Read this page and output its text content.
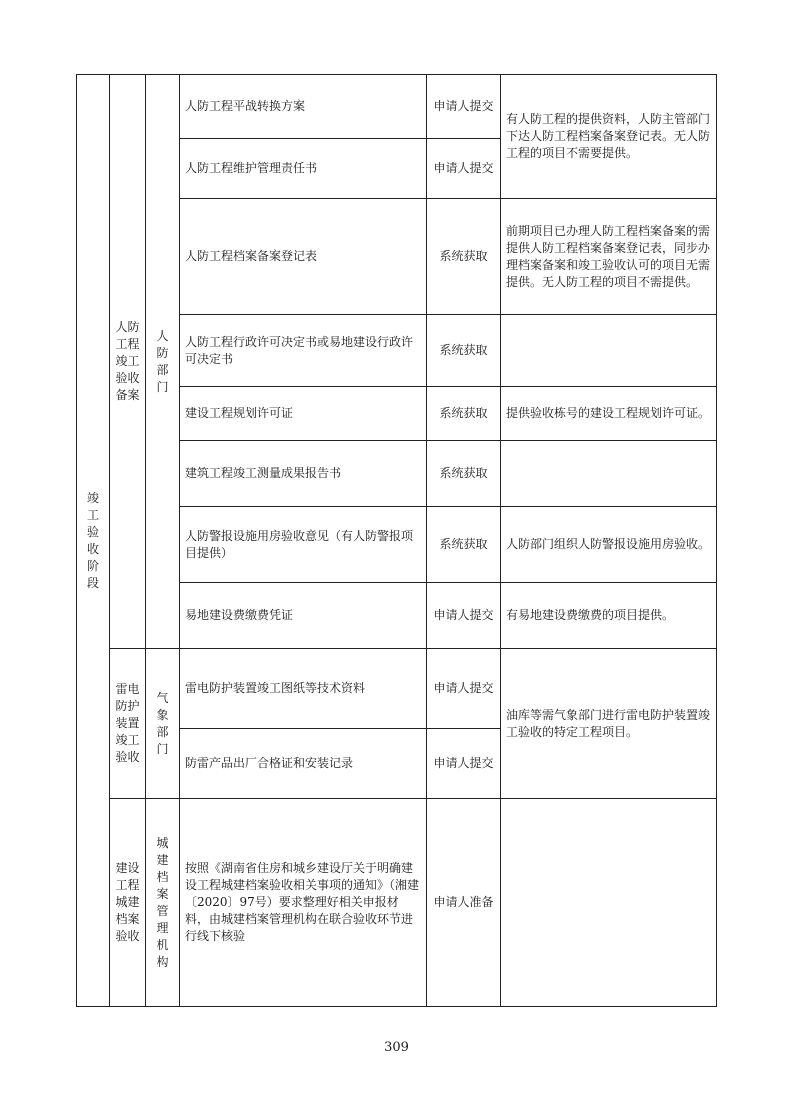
竣工验收阶段	人防工程竣工验收备案	人防部门	人防工程平战转换方案	申请人提交	有人防工程的提供资料，人防主管部门下达人防工程档案备案登记表。无人防工程的项目不需要提供。
			人防工程维护管理责任书	申请人提交	
			人防工程档案备案登记表	系统获取	前期项目已办理人防工程档案备案的需提供人防工程档案备案登记表，同步办理档案备案和竣工验收认可的项目无需提供。无人防工程的项目不需提供。
			人防工程行政许可决定书或易地建设行政许可决定书	系统获取	
			建设工程规划许可证	系统获取	提供验收栋号的建设工程规划许可证。
			建筑工程竣工测量成果报告书	系统获取	
			人防警报设施用房验收意见（有人防警报项目提供）	系统获取	人防部门组织人防警报设施用房验收。
			易地建设费缴费凭证	申请人提交	有易地建设费缴费的项目提供。
	雷电防护装置竣工验收	气象部门	雷电防护装置竣工图纸等技术资料	申请人提交	油库等需气象部门进行雷电防护装置竣工验收的特定工程项目。
			防雷产品出厂合格证和安装记录	申请人提交	
	建设工程城建档案验收	城建档案管理机构	按照《湖南省住房和城乡建设厅关于明确建设工程城建档案验收相关事项的通知》（湘建〔2020〕97号）要求整理好相关申报材料，由城建档案管理机构在联合验收环节进行线下核验	申请人准备	
309
